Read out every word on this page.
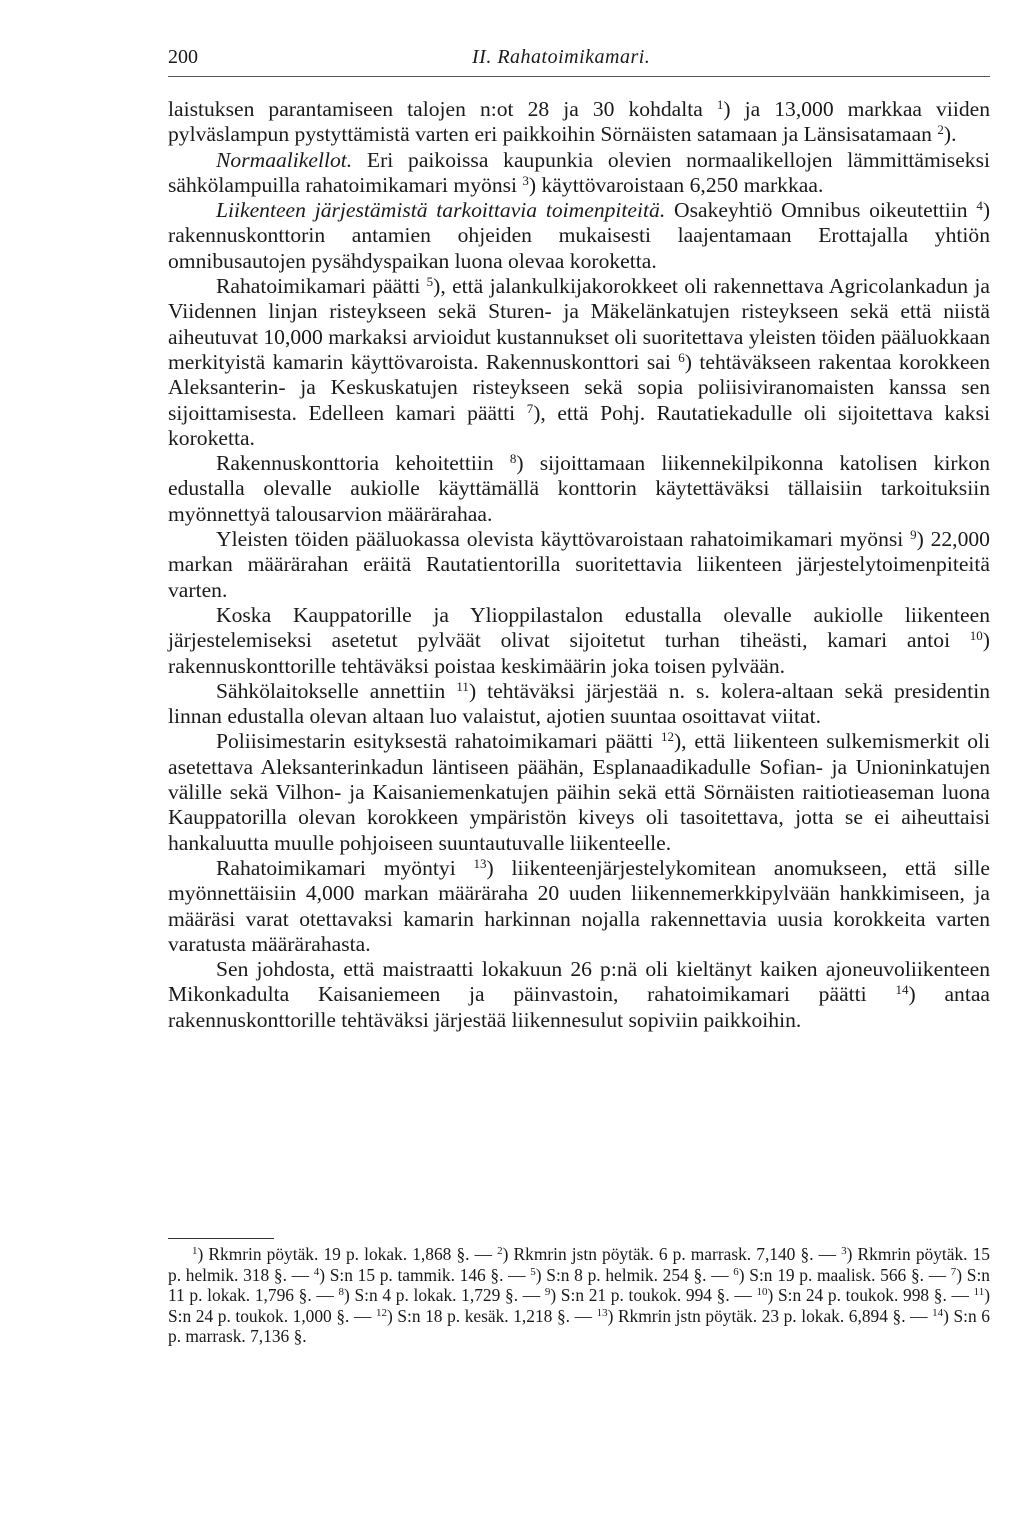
200	II. Rahatoimikamari.

laistuksen parantamiseen talojen n:ot 28 ja 30 kohdalta $^1$) ja 13,000 markkaa viiden pylväslampun pystyttämistä varten eri paikkoihin Sörnäisten satamaan ja Länsisatamaan $^2$).

Normaalikellot. Eri paikoissa kaupunkia olevien normaalikellojen lämmittämiseksi sähkölampuilla rahatoimikamari myönsi $^3$) käyttövaroistaan 6,250 markkaa.

Liikenteen järjestämistä tarkoittavia toimenpiteitä. Osakeyhtiö Omnibus oikeutettiin $^4$) rakennuskonttorin antamien ohjeiden mukaisesti laajentamaan Erottajalla yhtiön omnibusautojen pysähdyspaikan luona olevaa koroketta.

Rahatoimikamari päätti $^5$), että jalankulkijakorokkeet oli rakennettava Agricolankadun ja Viidennen linjan risteykseen sekä Sturen- ja Mäkelänkatujen risteykseen sekä että niistä aiheutuvat 10,000 markaksi arvioidut kustannukset oli suoritettava yleisten töiden pääluokkaan merkityistä kamarin käyttövaroista. Rakennuskonttori sai $^6$) tehtäväkseen rakentaa korokkeen Aleksanterin- ja Keskuskatujen risteykseen sekä sopia poliisiviranomaisten kanssa sen sijoittamisesta. Edelleen kamari päätti $^7$), että Pohj. Rautatiekadulle oli sijoitettava kaksi koroketta.

Rakennuskonttoria kehoitettiin $^8$) sijoittamaan liikennekilpikonna katolisen kirkon edustalla olevalle aukiolle käyttämällä konttorin käytettäväksi tällaisiin tarkoituksiin myönnettyä talousarvion määrärahaa.

Yleisten töiden pääluokassa olevista käyttövaroistaan rahatoimikamari myönsi $^9$) 22,000 markan määrärahan eräitä Rautatientorilla suoritettavia liikenteen järjestelytoimenpiteitä varten.

Koska Kauppatorille ja Ylioppilastalon edustalla olevalle aukiolle liikenteen järjestelemiseksi asetetut pylväät olivat sijoitetut turhan tiheästi, kamari antoi $^{10}$) rakennuskonttorille tehtäväksi poistaa keskimäärin joka toisen pylvään.

Sähkölaitokselle annettiin $^{11}$) tehtäväksi järjestää n. s. kolera-altaan sekä presidentin linnan edustalla olevan altaan luo valaistut, ajotien suuntaa osoittavat viitat.

Poliisimestarin esityksestä rahatoimikamari päätti $^{12}$), että liikenteen sulkemismerkit oli asetettava Aleksanterinkadun läntiseen päähän, Esplanaadikadulle Sofian- ja Unioninkatujen välille sekä Vilhon- ja Kaisaniemenkatujen päihin sekä että Sörnäisten raitiotieaseman luona Kauppatorilla olevan korokkeen ympäristön kiveys oli tasoitettava, jotta se ei aiheuttaisi hankaluutta muulle pohjoiseen suuntautuvalle liikenteelle.

Rahatoimikamari myöntyi $^{13}$) liikenteenjärjestelykomitean anomukseen, että sille myönnettäisiin 4,000 markan määräraha 20 uuden liikennemerkkipylvään hankkimiseen, ja määräsi varat otettavaksi kamarin harkinnan nojalla rakennettavia uusia korokkeita varten varatusta määrärahasta.

Sen johdosta, että maistraatti lokakuun 26 p:nä oli kieltänyt kaiken ajoneuvoliikenteen Mikonkadulta Kaisaniemeen ja päinvastoin, rahatoimikamari päätti $^{14}$) antaa rakennuskonttorille tehtäväksi järjestää liikennesulut sopiviin paikkoihin.

$^1$) Rkmrin pöytäk. 19 p. lokak. 1,868 §. — $^2$) Rkmrin jstn pöytäk. 6 p. marrask. 7,140 §. — $^3$) Rkmrin pöytäk. 15 p. helmik. 318 §. — $^4$) S:n 15 p. tammik. 146 §. — $^5$) S:n 8 p. helmik. 254 §. — $^6$) S:n 19 p. maalisk. 566 §. — $^7$) S:n 11 p. lokak. 1,796 §. — $^8$) S:n 4 p. lokak. 1,729 §. — $^9$) S:n 21 p. toukok. 994 §. — $^{10}$) S:n 24 p. toukok. 998 §. — $^{11}$) S:n 24 p. toukok. 1,000 §. — $^{12}$) S:n 18 p. kesäk. 1,218 §. — $^{13}$) Rkmrin jstn pöytäk. 23 p. lokak. 6,894 §. — $^{14}$) S:n 6 p. marrask. 7,136 §.
